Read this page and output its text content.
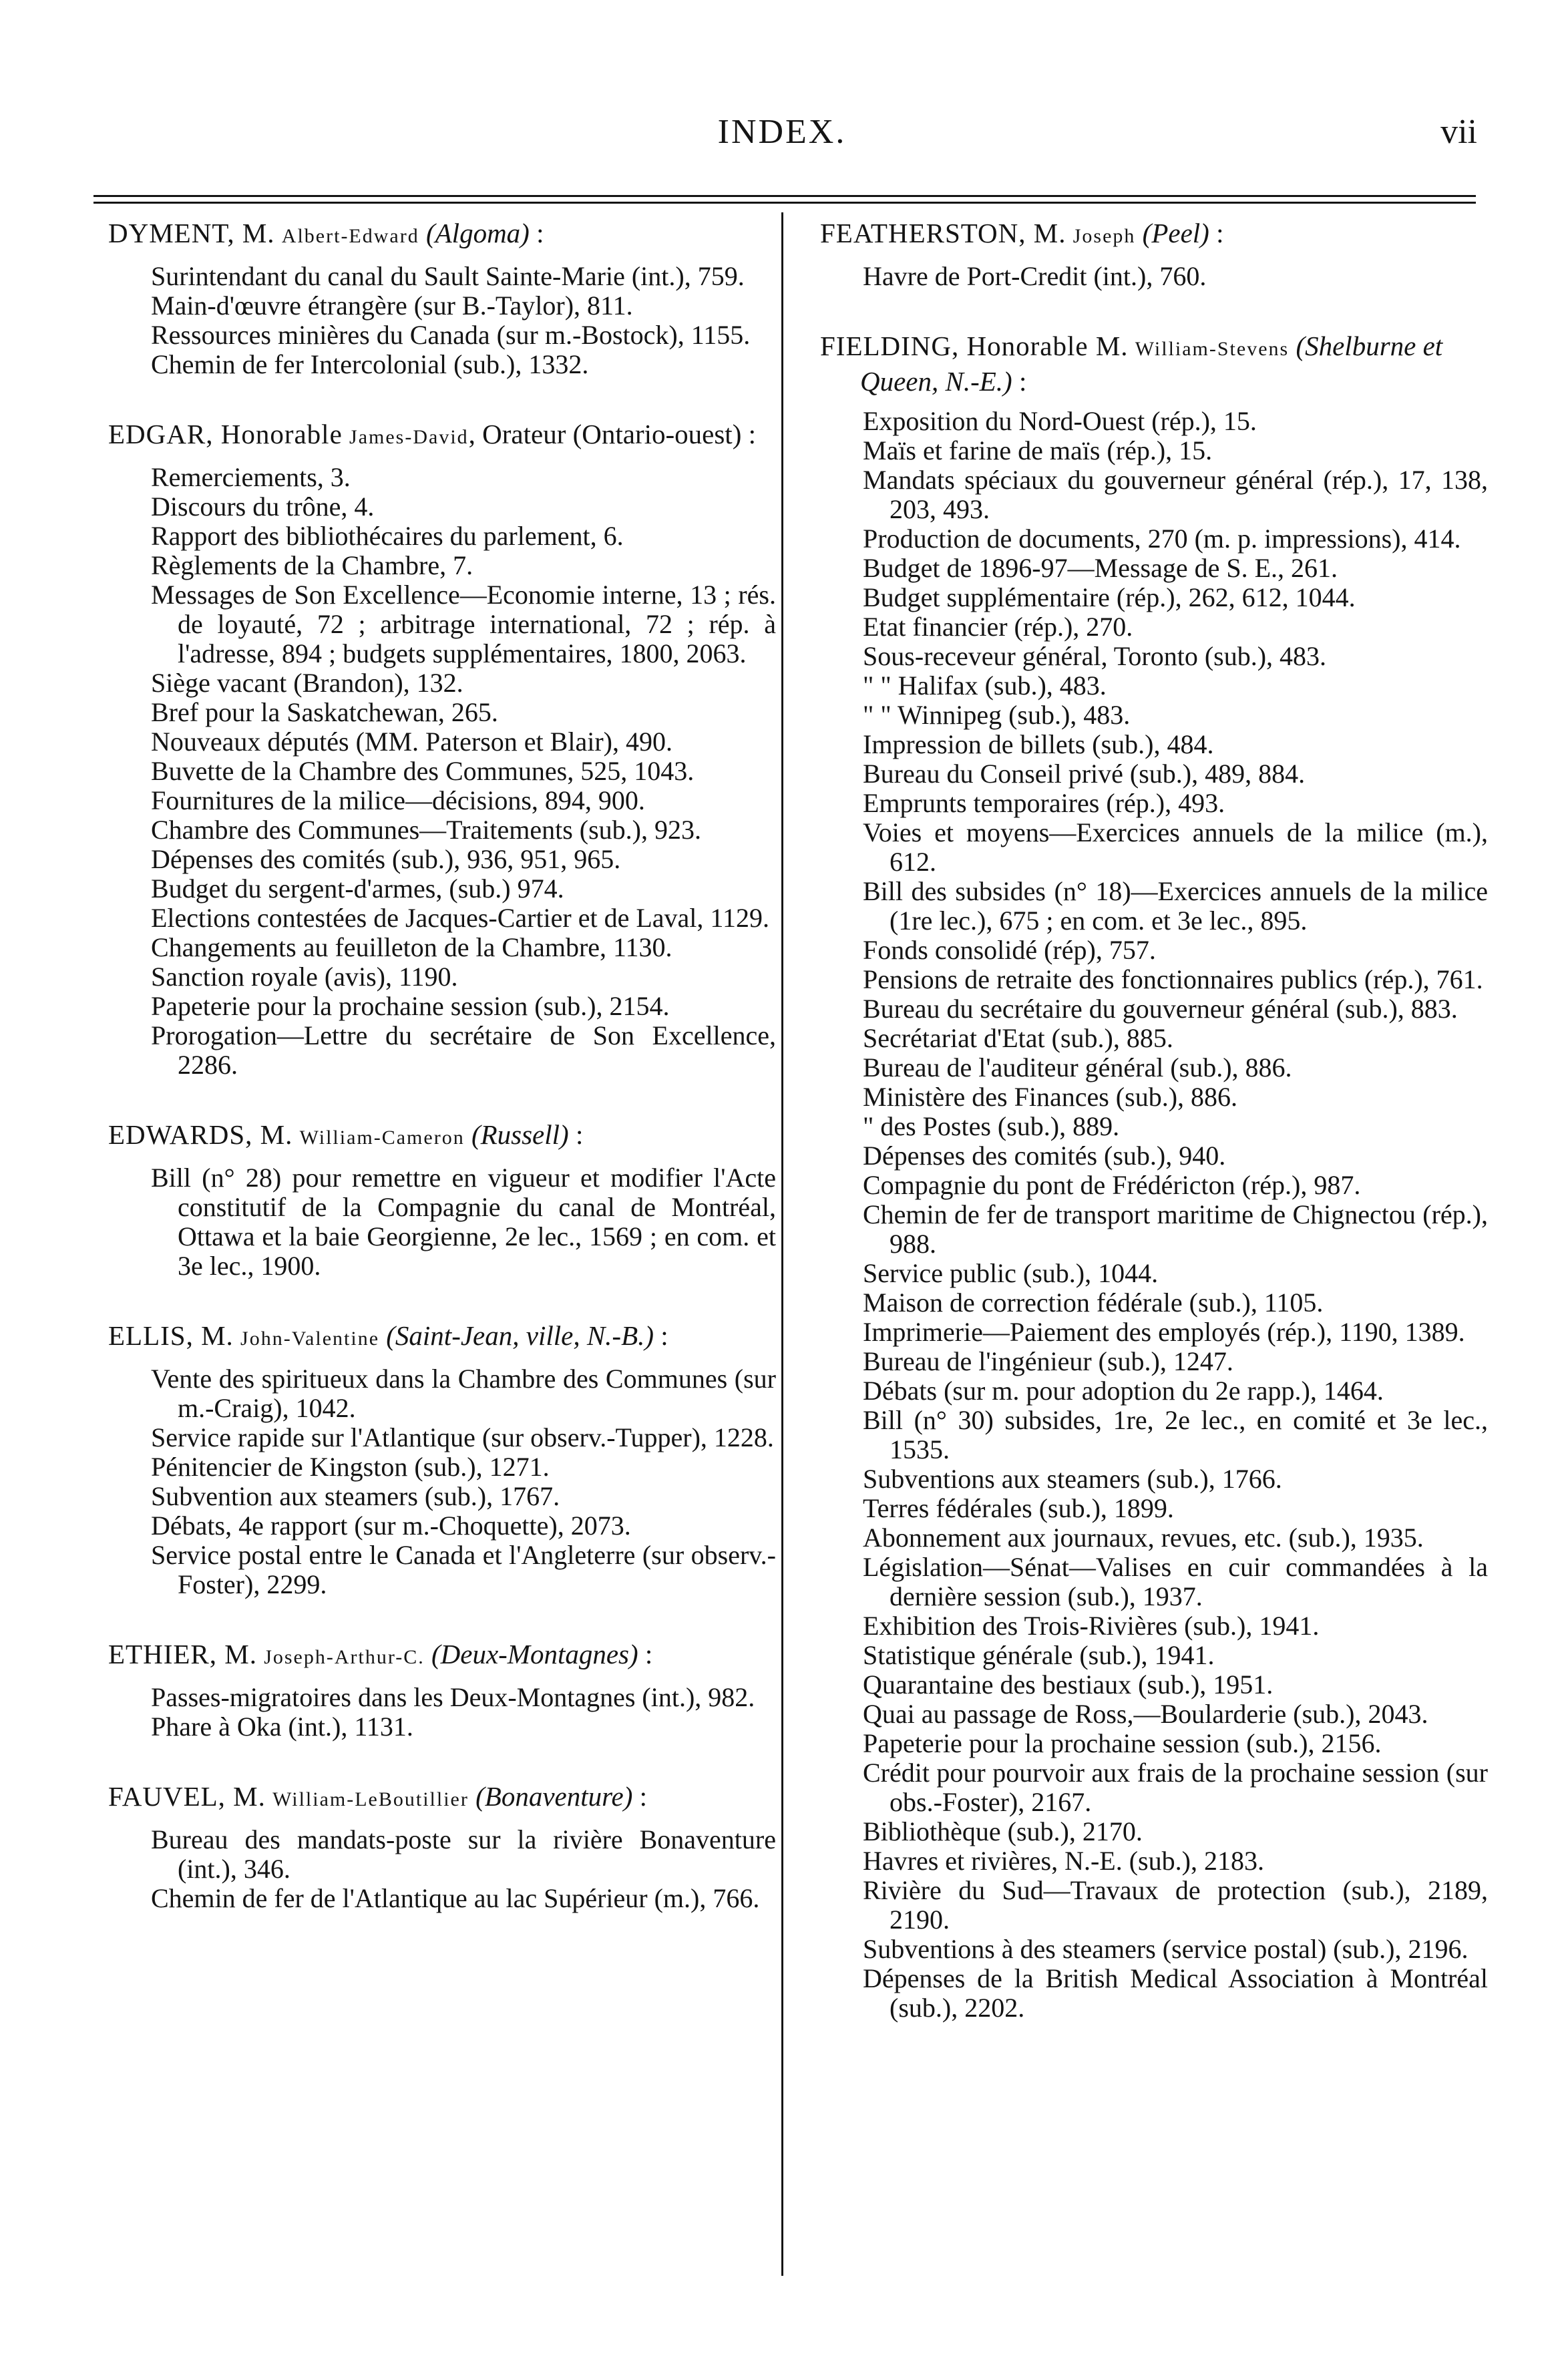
INDEX.	vii
DYMENT, M. Albert-Edward (Algoma) :

Surintendant du canal du Sault Sainte-Marie (int.), 759.

Main-d'œuvre étrangère (sur B.-Taylor), 811.

Ressources minières du Canada (sur m.-Bostock), 1155.

Chemin de fer Intercolonial (sub.), 1332.

EDGAR, Honorable James-David, Orateur (Ontario-ouest) :

Remerciements, 3.

Discours du trône, 4.

Rapport des bibliothécaires du parlement, 6.

Règlements de la Chambre, 7.

Messages de Son Excellence—Economie interne, 13 ; rés. de loyauté, 72 ; arbitrage international, 72 ; rép. à l'adresse, 894 ; budgets supplémentaires, 1800, 2063.

Siège vacant (Brandon), 132.

Bref pour la Saskatchewan, 265.

Nouveaux députés (MM. Paterson et Blair), 490.

Buvette de la Chambre des Communes, 525, 1043.

Fournitures de la milice—décisions, 894, 900.

Chambre des Communes—Traitements (sub.), 923.

Dépenses des comités (sub.), 936, 951, 965.

Budget du sergent-d'armes, (sub.) 974.

Elections contestées de Jacques-Cartier et de Laval, 1129.

Changements au feuilleton de la Chambre, 1130.

Sanction royale (avis), 1190.

Papeterie pour la prochaine session (sub.), 2154.

Prorogation—Lettre du secrétaire de Son Excellence, 2286.

EDWARDS, M. William-Cameron (Russell) :

Bill (n° 28) pour remettre en vigueur et modifier l'Acte constitutif de la Compagnie du canal de Montréal, Ottawa et la baie Georgienne, 2e lec., 1569 ; en com. et 3e lec., 1900.

ELLIS, M. John-Valentine (Saint-Jean, ville, N.-B.) :

Vente des spiritueux dans la Chambre des Communes (sur m.-Craig), 1042.

Service rapide sur l'Atlantique (sur observ.-Tupper), 1228.

Pénitencier de Kingston (sub.), 1271.

Subvention aux steamers (sub.), 1767.

Débats, 4e rapport (sur m.-Choquette), 2073.

Service postal entre le Canada et l'Angleterre (sur observ.-Foster), 2299.

ETHIER, M. Joseph-Arthur-C. (Deux-Montagnes) :

Passes-migratoires dans les Deux-Montagnes (int.), 982.

Phare à Oka (int.), 1131.

FAUVEL, M. William-LeBoutillier (Bonaventure) :

Bureau des mandats-poste sur la rivière Bonaventure (int.), 346.

Chemin de fer de l'Atlantique au lac Supérieur (m.), 766.

FEATHERSTON, M. Joseph (Peel) :

Havre de Port-Credit (int.), 760.

FIELDING, Honorable M. William-Stevens (Shelburne et Queen, N.-E.) :

Exposition du Nord-Ouest (rép.), 15.

Maïs et farine de maïs (rép.), 15.

Mandats spéciaux du gouverneur général (rép.), 17, 138, 203, 493.

Production de documents, 270 (m. p. impressions), 414.

Budget de 1896-97—Message de S. E., 261.

Budget supplémentaire (rép.), 262, 612, 1044.

Etat financier (rép.), 270.

Sous-receveur général, Toronto (sub.), 483.

" " Halifax (sub.), 483.

" " Winnipeg (sub.), 483.

Impression de billets (sub.), 484.

Bureau du Conseil privé (sub.), 489, 884.

Emprunts temporaires (rép.), 493.

Voies et moyens—Exercices annuels de la milice (m.), 612.

Bill des subsides (n° 18)—Exercices annuels de la milice (1re lec.), 675 ; en com. et 3e lec., 895.

Fonds consolidé (rép), 757.

Pensions de retraite des fonctionnaires publics (rép.), 761.

Bureau du secrétaire du gouverneur général (sub.), 883.

Secrétariat d'Etat (sub.), 885.

Bureau de l'auditeur général (sub.), 886.

Ministère des Finances (sub.), 886.

" des Postes (sub.), 889.

Dépenses des comités (sub.), 940.

Compagnie du pont de Frédéricton (rép.), 987.

Chemin de fer de transport maritime de Chignectou (rép.), 988.

Service public (sub.), 1044.

Maison de correction fédérale (sub.), 1105.

Imprimerie—Paiement des employés (rép.), 1190, 1389.

Bureau de l'ingénieur (sub.), 1247.

Débats (sur m. pour adoption du 2e rapp.), 1464.

Bill (n° 30) subsides, 1re, 2e lec., en comité et 3e lec., 1535.

Subventions aux steamers (sub.), 1766.

Terres fédérales (sub.), 1899.

Abonnement aux journaux, revues, etc. (sub.), 1935.

Législation—Sénat—Valises en cuir commandées à la dernière session (sub.), 1937.

Exhibition des Trois-Rivières (sub.), 1941.

Statistique générale (sub.), 1941.

Quarantaine des bestiaux (sub.), 1951.

Quai au passage de Ross,—Boularderie (sub.), 2043.

Papeterie pour la prochaine session (sub.), 2156.

Crédit pour pourvoir aux frais de la prochaine session (sur obs.-Foster), 2167.

Bibliothèque (sub.), 2170.

Havres et rivières, N.-E. (sub.), 2183.

Rivière du Sud—Travaux de protection (sub.), 2189, 2190.

Subventions à des steamers (service postal) (sub.), 2196.

Dépenses de la British Medical Association à Montréal (sub.), 2202.
